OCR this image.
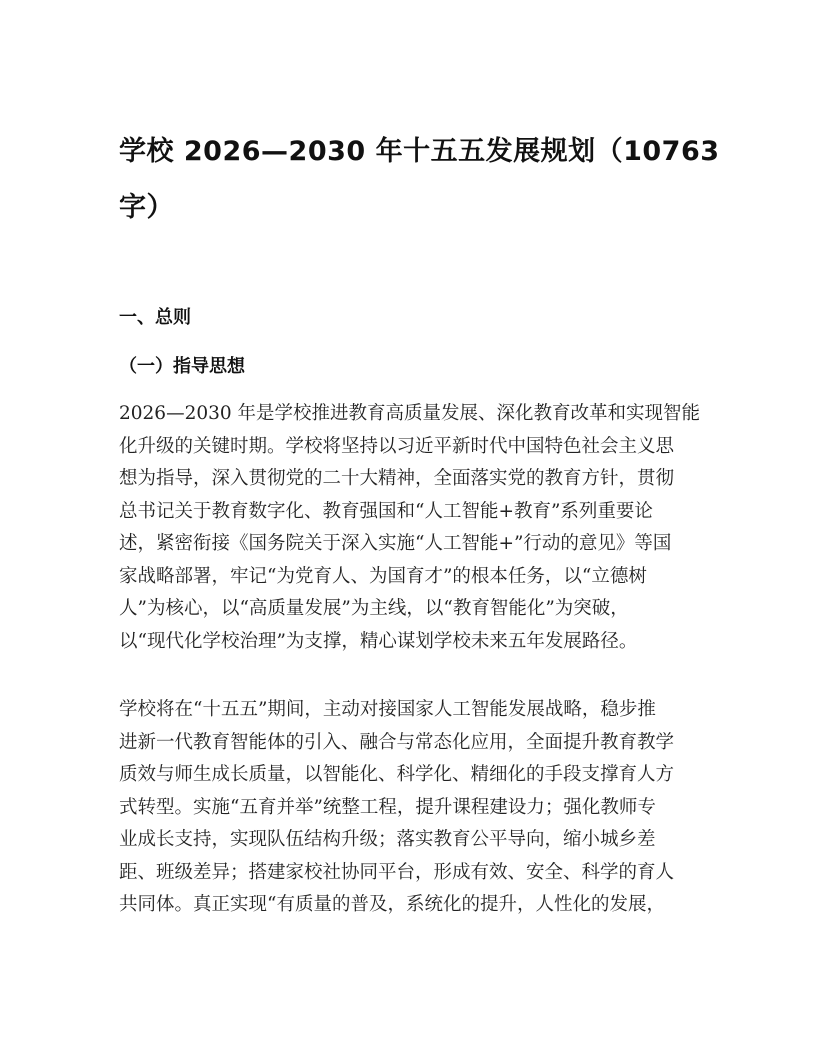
学校 2026—2030 年十五五发展规划（10763
字）
一、总则
（一）指导思想

2026—2030 年是学校推进教育高质量发展、深化教育改革和实现智能
化升级的关键时期。学校将坚持以习近平新时代中国特色社会主义思
想为指导，深入贯彻党的二十大精神，全面落实党的教育方针，贯彻
总书记关于教育数字化、教育强国和“人工智能+教育”系列重要论
述，紧密衔接《国务院关于深入实施“人工智能+”行动的意见》等国
家战略部署，牢记“为党育人、为国育才”的根本任务，以“立德树
人”为核心，以“高质量发展”为主线，以“教育智能化”为突破，
以“现代化学校治理”为支撑，精心谋划学校未来五年发展路径。

学校将在“十五五”期间，主动对接国家人工智能发展战略，稳步推
进新一代教育智能体的引入、融合与常态化应用，全面提升教育教学
质效与师生成长质量，以智能化、科学化、精细化的手段支撑育人方
式转型。实施“五育并举”统整工程，提升课程建设力；强化教师专
业成长支持，实现队伍结构升级；落实教育公平导向，缩小城乡差
距、班级差异；搭建家校社协同平台，形成有效、安全、科学的育人
共同体。真正实现“有质量的普及，系统化的提升，人性化的发展，
